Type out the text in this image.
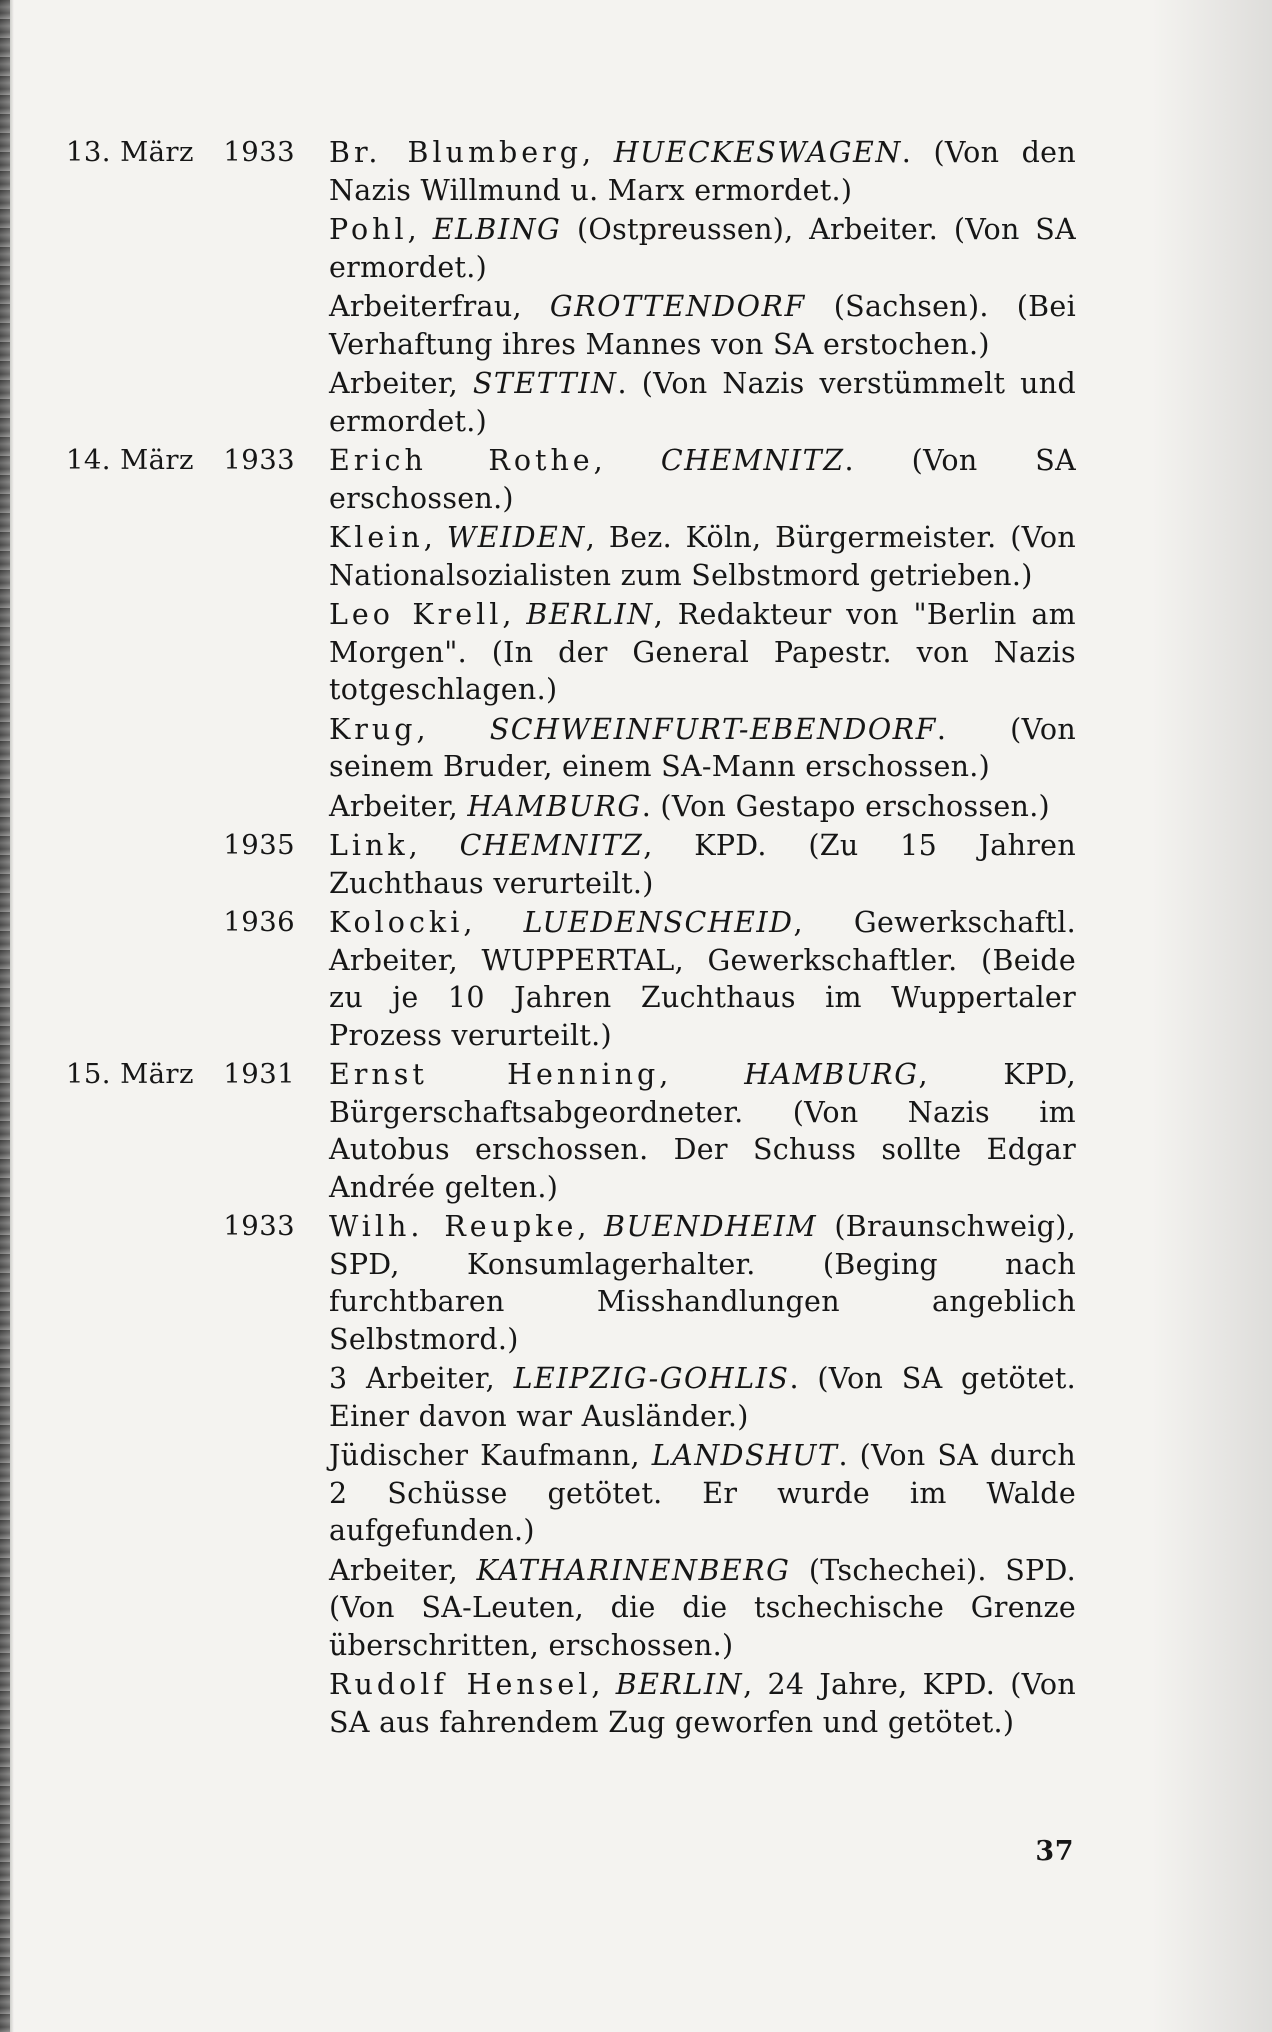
13. März 1933 Br. Blumberg, HUECKESWAGEN. (Von den Nazis Willmund u. Marx ermordet.)
Pohl, ELBING (Ostpreussen), Arbeiter. (Von SA ermordet.)
Arbeiterfrau, GROTTENDORF (Sachsen). (Bei Verhaftung ihres Mannes von SA erstochen.)
Arbeiter, STETTIN. (Von Nazis verstümmelt und ermordet.)
14. März 1933 Erich Rothe, CHEMNITZ. (Von SA erschossen.)
Klein, WEIDEN, Bez. Köln, Bürgermeister. (Von Nationalsozialisten zum Selbstmord getrieben.)
Leo Krell, BERLIN, Redakteur von "Berlin am Morgen". (In der General Papestr. von Nazis totgeschlagen.)
Krug, SCHWEINFURT-EBENDORF. (Von seinem Bruder, einem SA-Mann erschossen.)
Arbeiter, HAMBURG. (Von Gestapo erschossen.)
1935 Link, CHEMNITZ, KPD. (Zu 15 Jahren Zuchthaus verurteilt.)
1936 Kolocki, LUEDENSCHEID, Gewerkschaftl. Arbeiter, WUPPERTAL, Gewerkschaftler. (Beide zu je 10 Jahren Zuchthaus im Wuppertaler Prozess verurteilt.)
15. März 1931 Ernst Henning, HAMBURG, KPD, Bürgerschaftsabgeordneter. (Von Nazis im Autobus erschossen. Der Schuss sollte Edgar Andrée gelten.)
1933 Wilh. Reupke, BUENDHEIM (Braunschweig), SPD, Konsumlagerhalter. (Beging nach furchtbaren Misshandlungen angeblich Selbstmord.)
3 Arbeiter, LEIPZIG-GOHLIS. (Von SA getötet. Einer davon war Ausländer.)
Jüdischer Kaufmann, LANDSHUT. (Von SA durch 2 Schüsse getötet. Er wurde im Walde aufgefunden.)
Arbeiter, KATHARINENBERG (Tschechei). SPD. (Von SA-Leuten, die die tschechische Grenze überschritten, erschossen.)
Rudolf Hensel, BERLIN, 24 Jahre, KPD. (Von SA aus fahrendem Zug geworfen und getötet.)
37
